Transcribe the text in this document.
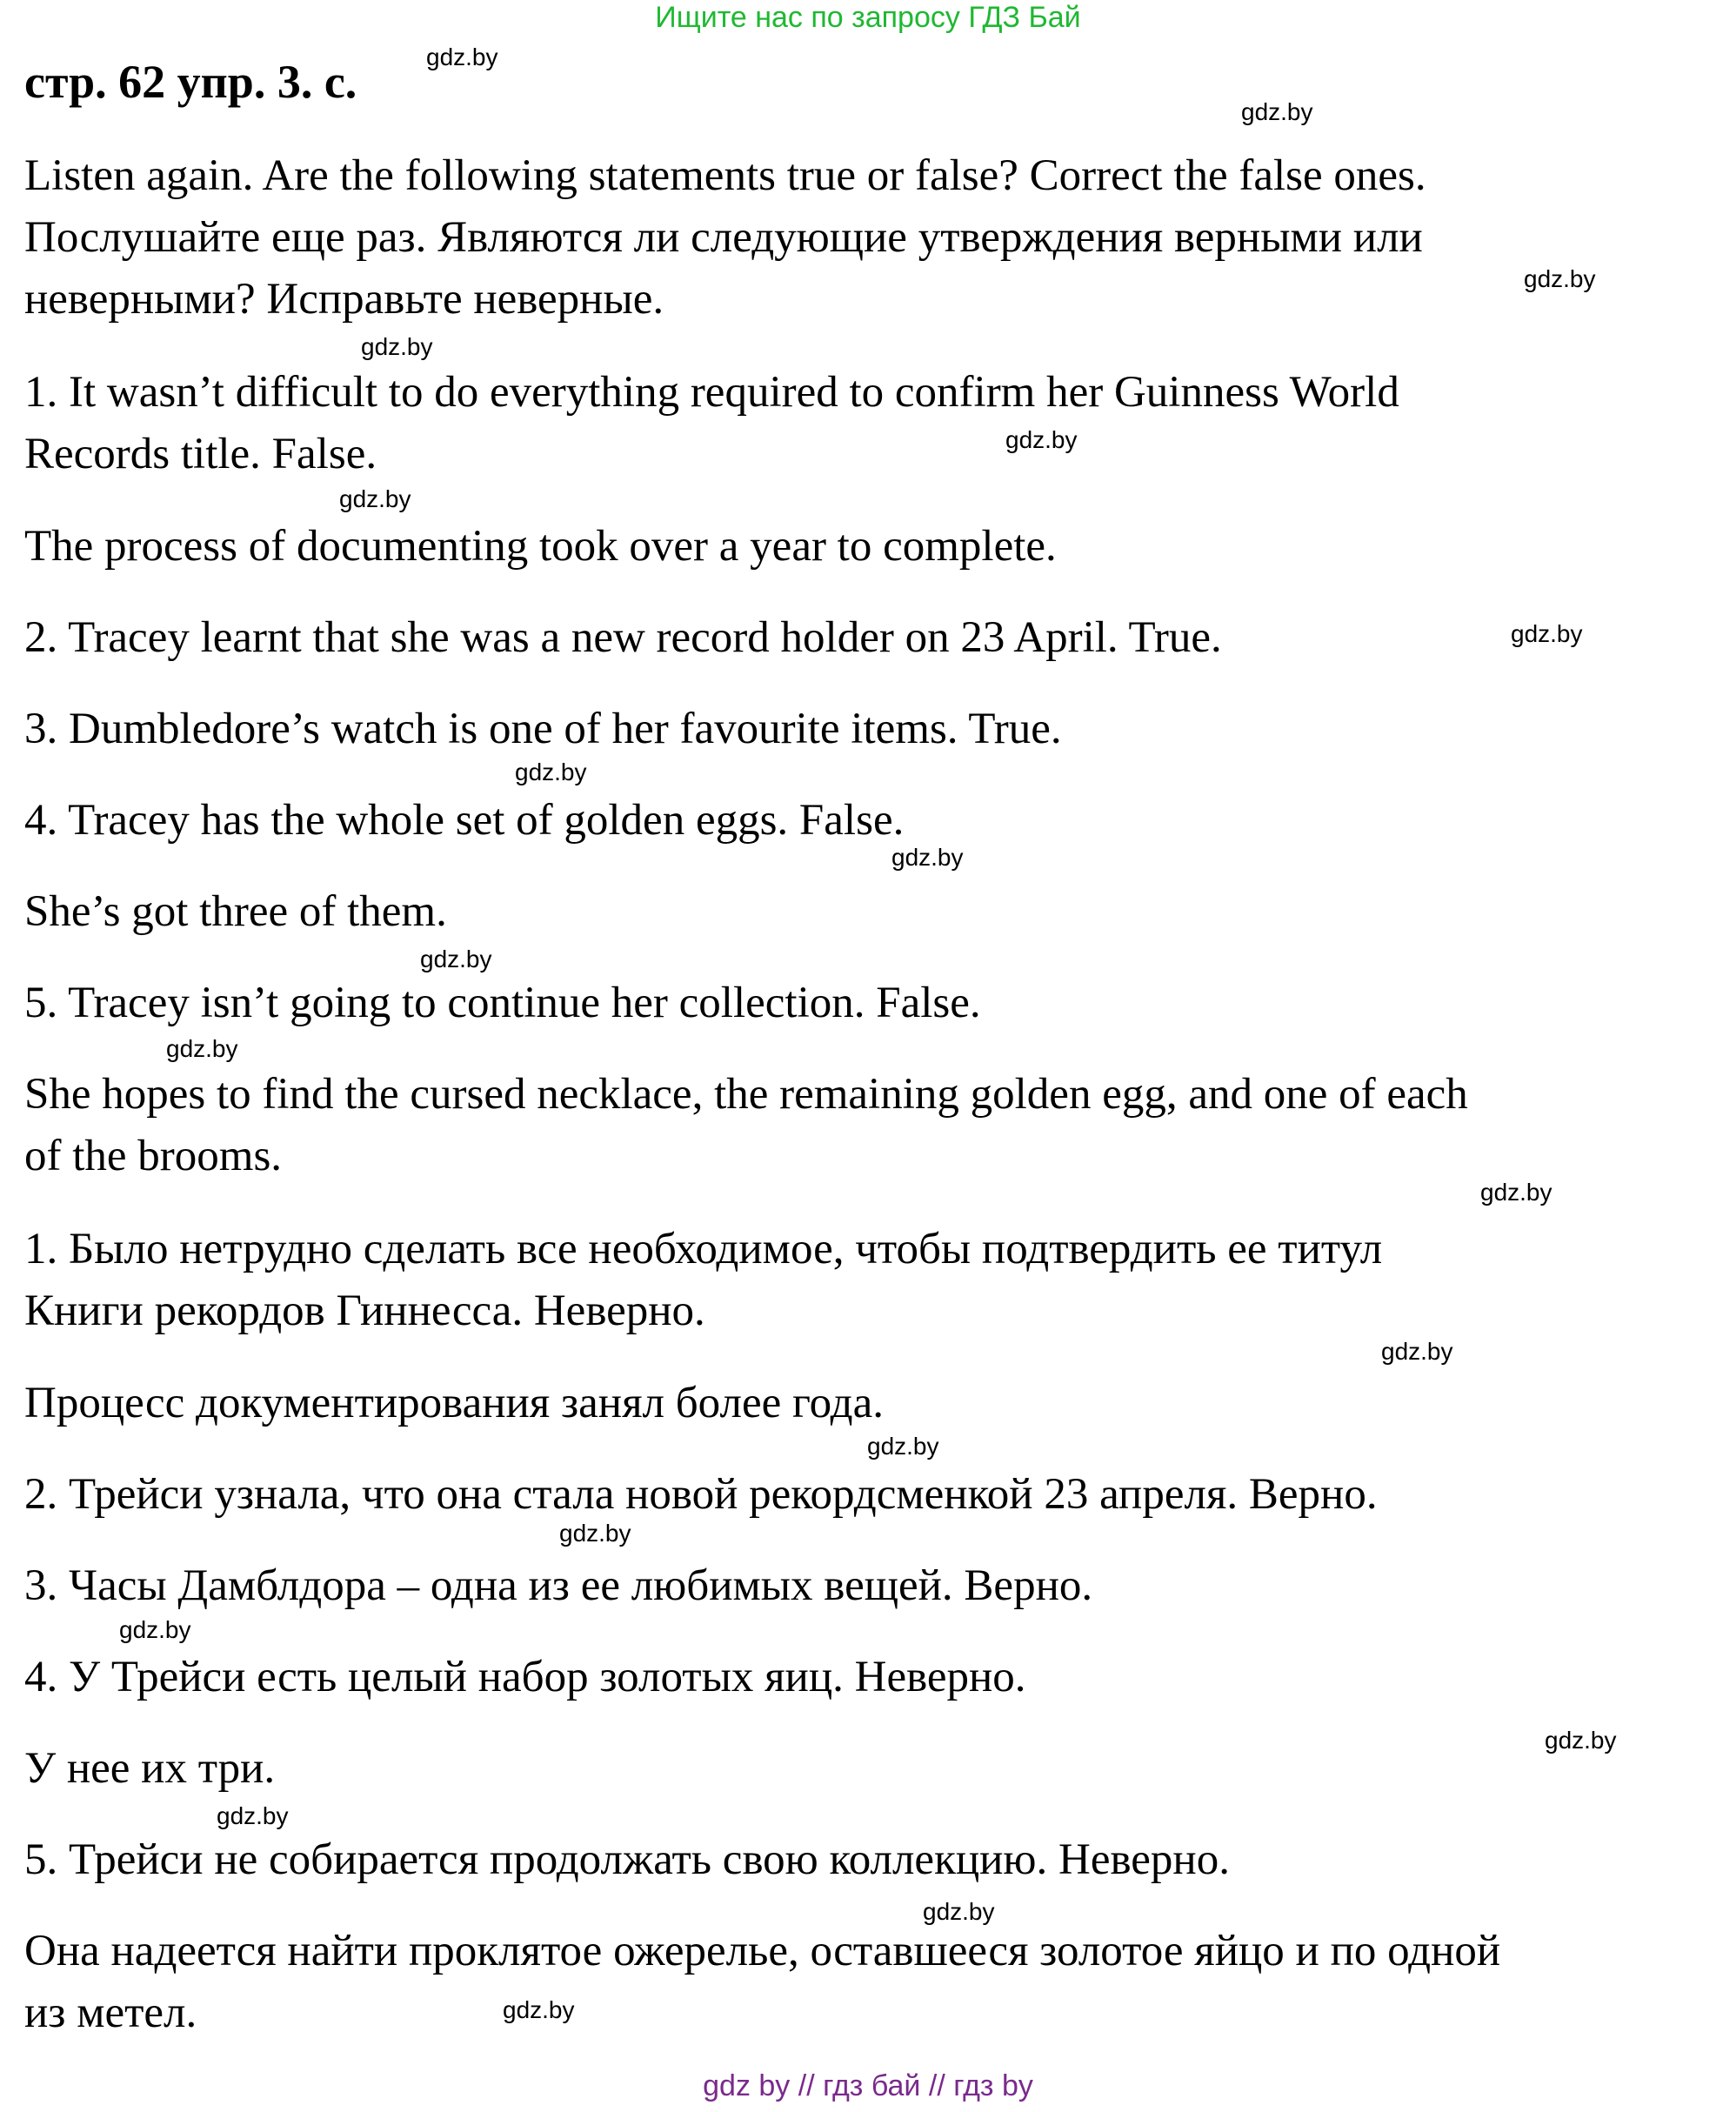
Ищите нас по запросу ГДЗ Бай
стр. 62 упр. 3. c.
Listen again. Are the following statements true or false? Correct the false ones.
Послушайте еще раз. Являются ли следующие утверждения верными или
неверными? Исправьте неверные.
1. It wasn’t difficult to do everything required to confirm her Guinness World
Records title. False.
The process of documenting took over a year to complete.
2. Tracey learnt that she was a new record holder on 23 April. True.
3. Dumbledore’s watch is one of her favourite items. True.
4. Tracey has the whole set of golden eggs. False.
She’s got three of them.
5. Tracey isn’t going to continue her collection. False.
She hopes to find the cursed necklace, the remaining golden egg, and one of each
of the brooms.
1. Было нетрудно сделать все необходимое, чтобы подтвердить ее титул
Книги рекордов Гиннесса. Неверно.
Процесс документирования занял более года.
2. Трейси узнала, что она стала новой рекордсменкой 23 апреля. Верно.
3. Часы Дамблдора – одна из ее любимых вещей. Верно.
4. У Трейси есть целый набор золотых яиц. Неверно.
У нее их три.
5. Трейси не собирается продолжать свою коллекцию. Неверно.
Она надеется найти проклятое ожерелье, оставшееся золотое яйцо и по одной
из метел.
gdz.by
gdz.by
gdz.by
gdz.by
gdz.by
gdz.by
gdz.by
gdz.by
gdz.by
gdz.by
gdz.by
gdz.by
gdz.by
gdz.by
gdz.by
gdz.by
gdz.by
gdz.by
gdz.by
gdz.by
gdz by // гдз бай // гдз by
